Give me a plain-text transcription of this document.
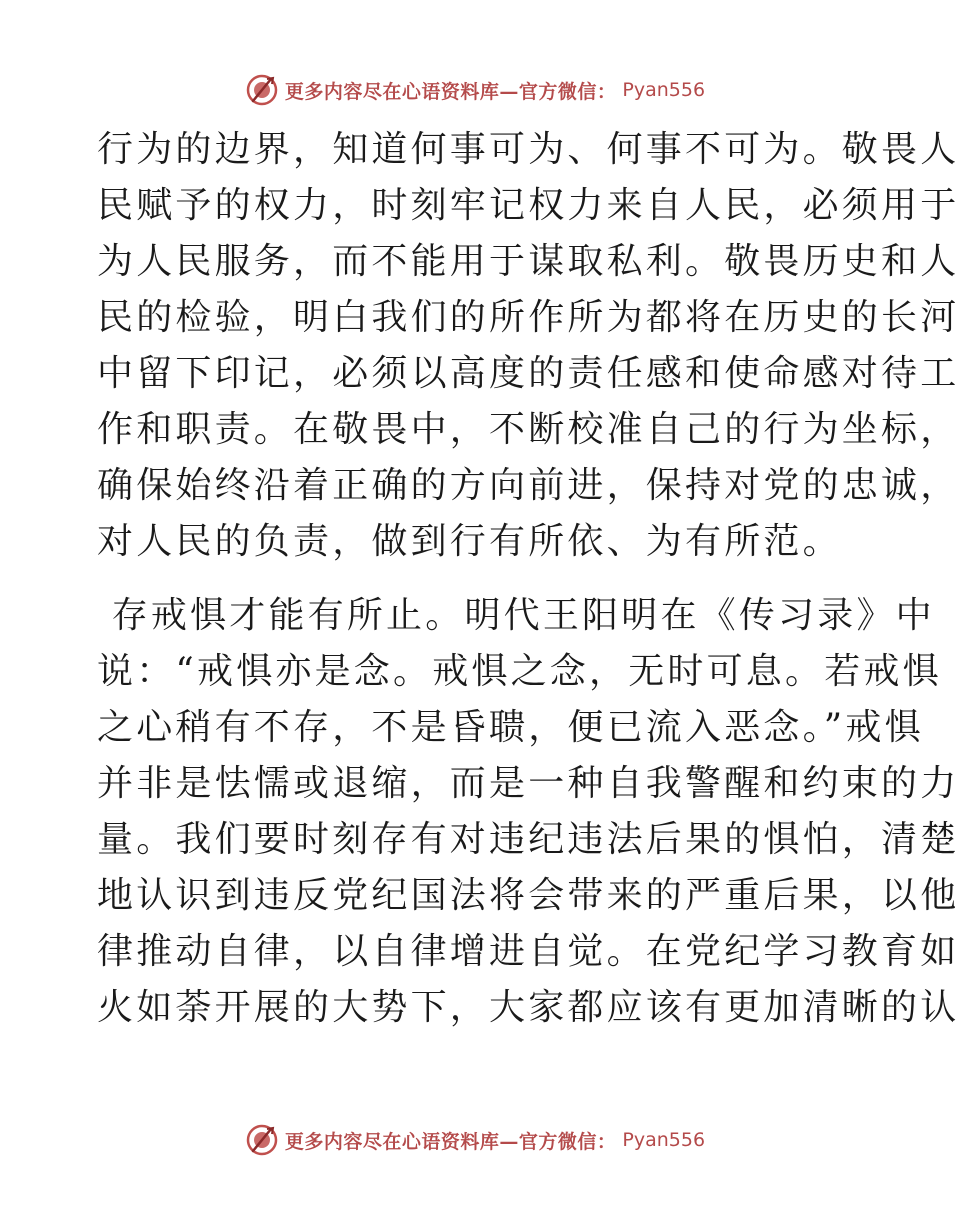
更多内容尽在心语资料库—官方微信： Pyan556
行为的边界，知道何事可为、何事不可为。敬畏人
民赋予的权力，时刻牢记权力来自人民，必须用于
为人民服务，而不能用于谋取私利。敬畏历史和人
民的检验，明白我们的所作所为都将在历史的长河
中留下印记，必须以高度的责任感和使命感对待工
作和职责。在敬畏中，不断校准自己的行为坐标，
确保始终沿着正确的方向前进，保持对党的忠诚，
对人民的负责，做到行有所依、为有所范。
存戒惧才能有所止。明代王阳明在《传习录》中
说：“戒惧亦是念。戒惧之念，无时可息。若戒惧
之心稍有不存，不是昏聩，便已流入恶念。”戒惧
并非是怯懦或退缩，而是一种自我警醒和约束的力
量。我们要时刻存有对违纪违法后果的惧怕，清楚
地认识到违反党纪国法将会带来的严重后果，以他
律推动自律，以自律增进自觉。在党纪学习教育如
火如荼开展的大势下，大家都应该有更加清晰的认
更多内容尽在心语资料库—官方微信： Pyan556
